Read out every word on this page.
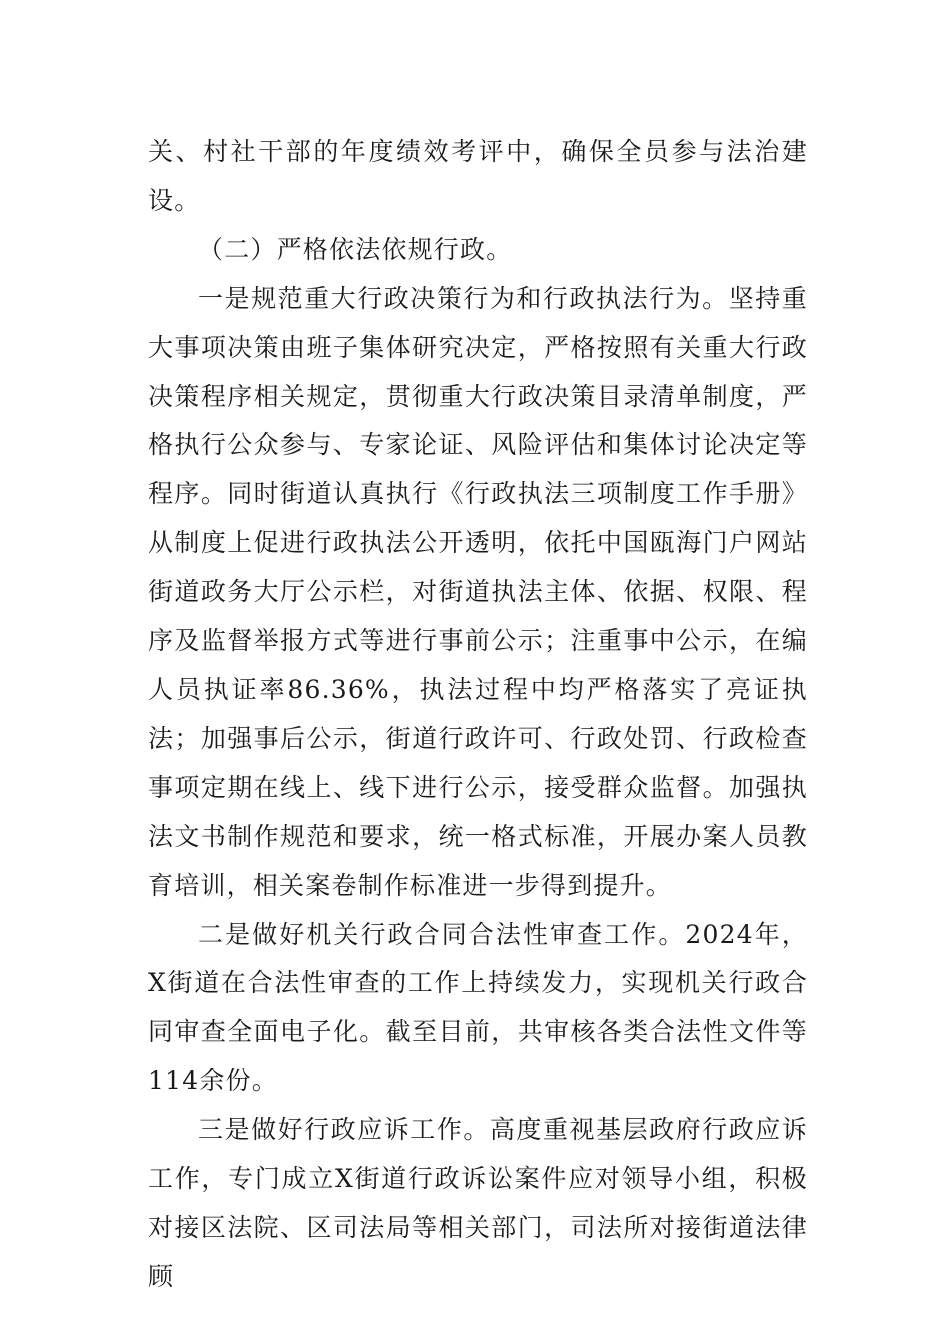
关、村社干部的年度绩效考评中，确保全员参与法治建设。

（二）严格依法依规行政。

一是规范重大行政决策行为和行政执法行为。坚持重大事项决策由班子集体研究决定，严格按照有关重大行政决策程序相关规定，贯彻重大行政决策目录清单制度，严格执行公众参与、专家论证、风险评估和集体讨论决定等程序。同时街道认真执行《行政执法三项制度工作手册》从制度上促进行政执法公开透明，依托中国瓯海门户网站街道政务大厅公示栏，对街道执法主体、依据、权限、程序及监督举报方式等进行事前公示；注重事中公示，在编人员执证率86.36%，执法过程中均严格落实了亮证执法；加强事后公示，街道行政许可、行政处罚、行政检查事项定期在线上、线下进行公示，接受群众监督。加强执法文书制作规范和要求，统一格式标准，开展办案人员教育培训，相关案卷制作标准进一步得到提升。

二是做好机关行政合同合法性审查工作。2024年，X街道在合法性审查的工作上持续发力，实现机关行政合同审查全面电子化。截至目前，共审核各类合法性文件等114余份。

三是做好行政应诉工作。高度重视基层政府行政应诉工作，专门成立X街道行政诉讼案件应对领导小组，积极对接区法院、区司法局等相关部门，司法所对接街道法律顾
